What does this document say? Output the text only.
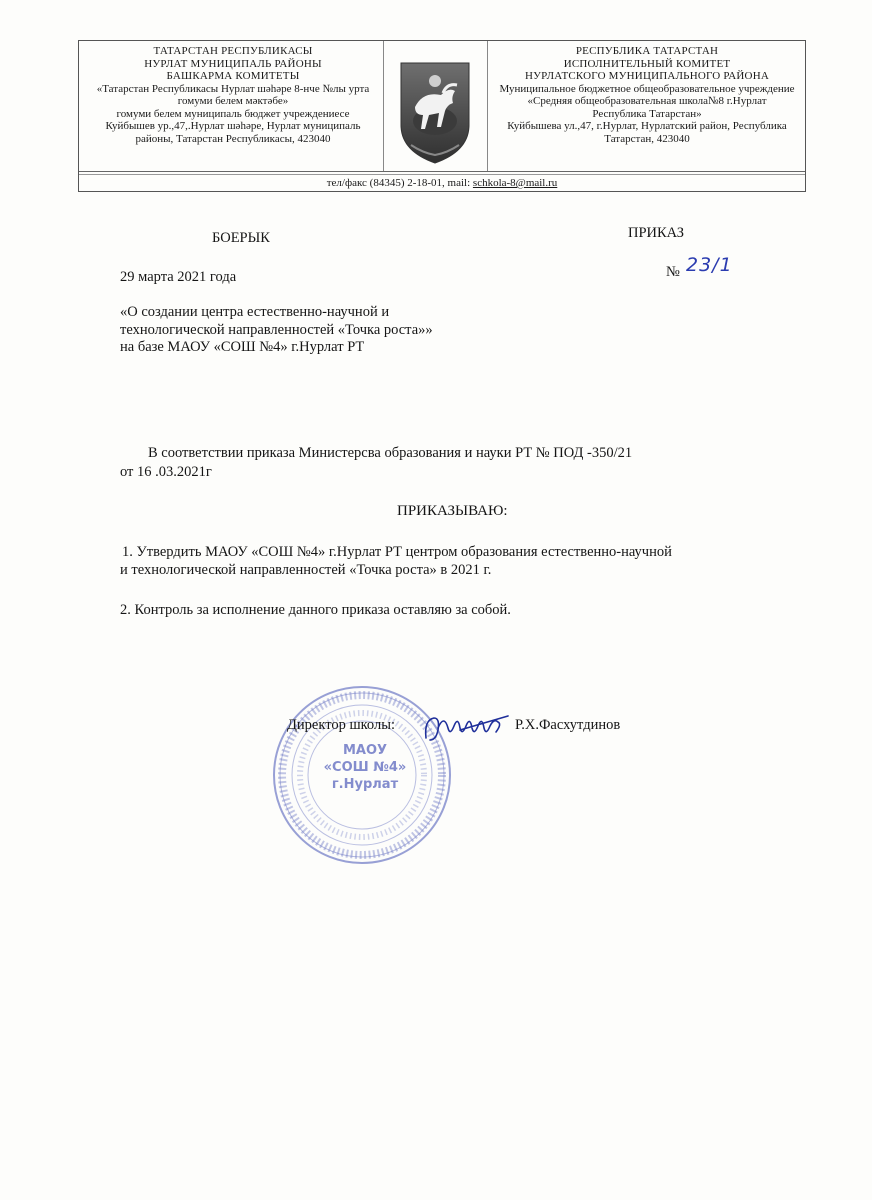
ТАТАРСТАН РЕСПУБЛИКАСЫ
НУРЛАТ МУНИЦИПАЛЬ РАЙОНЫ
БАШКАРМА КОМИТЕТЫ
«Татарстан Республикасы Нурлат шәһәре 8-нче №лы урта
гомуми белем мәктәбе»
гомуми белем муниципаль бюджет учреждениесе
Куйбышев ур.,47,.Нурлат шәһәре, Нурлат муниципаль
районы, Татарстан Республикасы, 423040
РЕСПУБЛИКА ТАТАРСТАН
ИСПОЛНИТЕЛЬНЫЙ КОМИТЕТ
НУРЛАТСКОГО МУНИЦИПАЛЬНОГО РАЙОНА
Муниципальное бюджетное общеобразовательное учреждение
«Средняя общеобразовательная школа№8 г.Нурлат
Республика Татарстан»
Куйбышева ул.,47, г.Нурлат, Нурлатский район, Республика
Татарстан, 423040
тел/факс (84345) 2-18-01, mail: schkola-8@mail.ru
БОЕРЫК	ПРИКАЗ
29 марта 2021 года	№ 23/1
«О создании центра естественно-научной и
технологической направленностей «Точка роста»»
на базе МАОУ «СОШ №4» г.Нурлат РТ
В соответствии приказа Министерсва образования и науки РТ № ПОД -350/21
от 16 .03.2021г
ПРИКАЗЫВАЮ:
1. Утвердить МАОУ «СОШ №4» г.Нурлат РТ центром образования естественно-научной
и технологической направленностей «Точка роста» в 2021 г.
2. Контроль за исполнение данного приказа оставляю за собой.
МАОУ
«СОШ №4»
г.Нурлат
Директор школы:	Р.Х.Фасхутдинов
